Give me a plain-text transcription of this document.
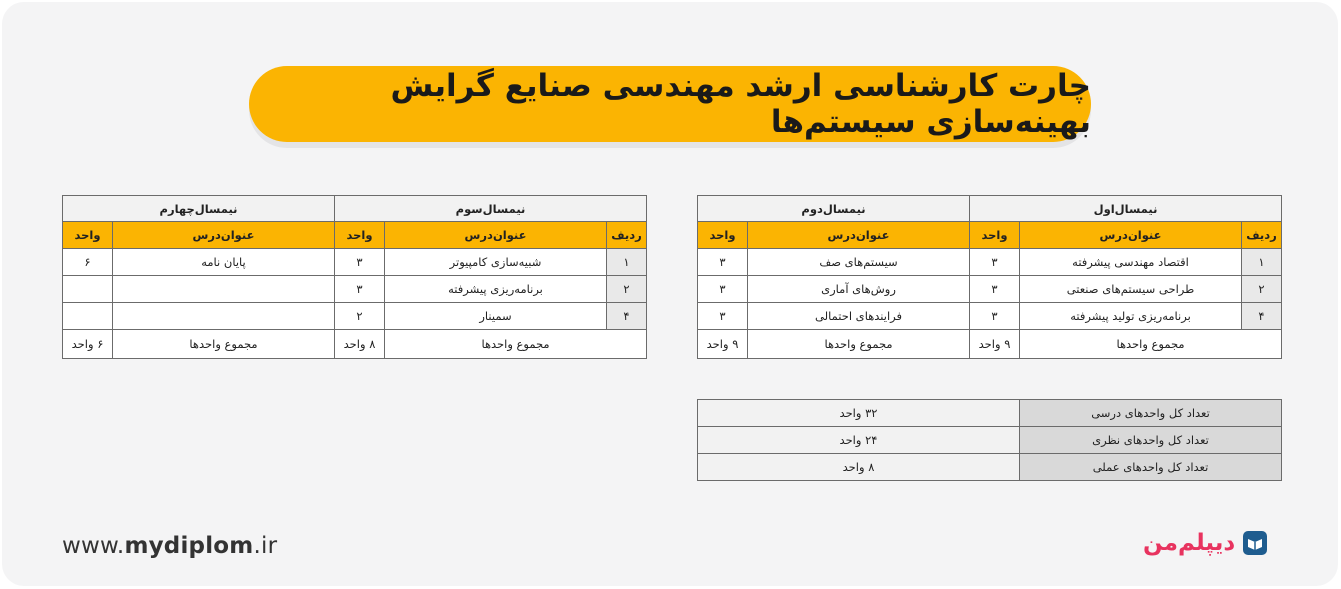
چارت کارشناسی ارشد مهندسی صنایع گرایش بهینه‌سازی سیستم‌ها
نیمسال‌اول			نیمسال‌دوم	
ردیف	عنوان‌درس	واحد	عنوان‌درس	واحد
۱	اقتصاد مهندسی پیشرفته	۳	سیستم‌های صف	۳
۲	طراحی سیستم‌های صنعتی	۳	روش‌های آماری	۳
۴	برنامه‌ریزی تولید پیشرفته	۳	فرایندهای احتمالی	۳
مجموع واحدها		۹ واحد	مجموع واحدها	۹ واحد
نیمسال‌سوم			نیمسال‌چهارم	
ردیف	عنوان‌درس	واحد	عنوان‌درس	واحد
۱	شبیه‌سازی کامپیوتر	۳	پایان نامه	۶
۲	برنامه‌ریزی پیشرفته	۳		
۴	سمینار	۲		
مجموع واحدها		۸ واحد	مجموع واحدها	۶ واحد
تعداد کل واحدهای درسی	۳۲ واحد
تعداد کل واحدهای نظری	۲۴ واحد
تعداد کل واحدهای عملی	۸ واحد
www.mydiplom.ir	دیپلم‌من
